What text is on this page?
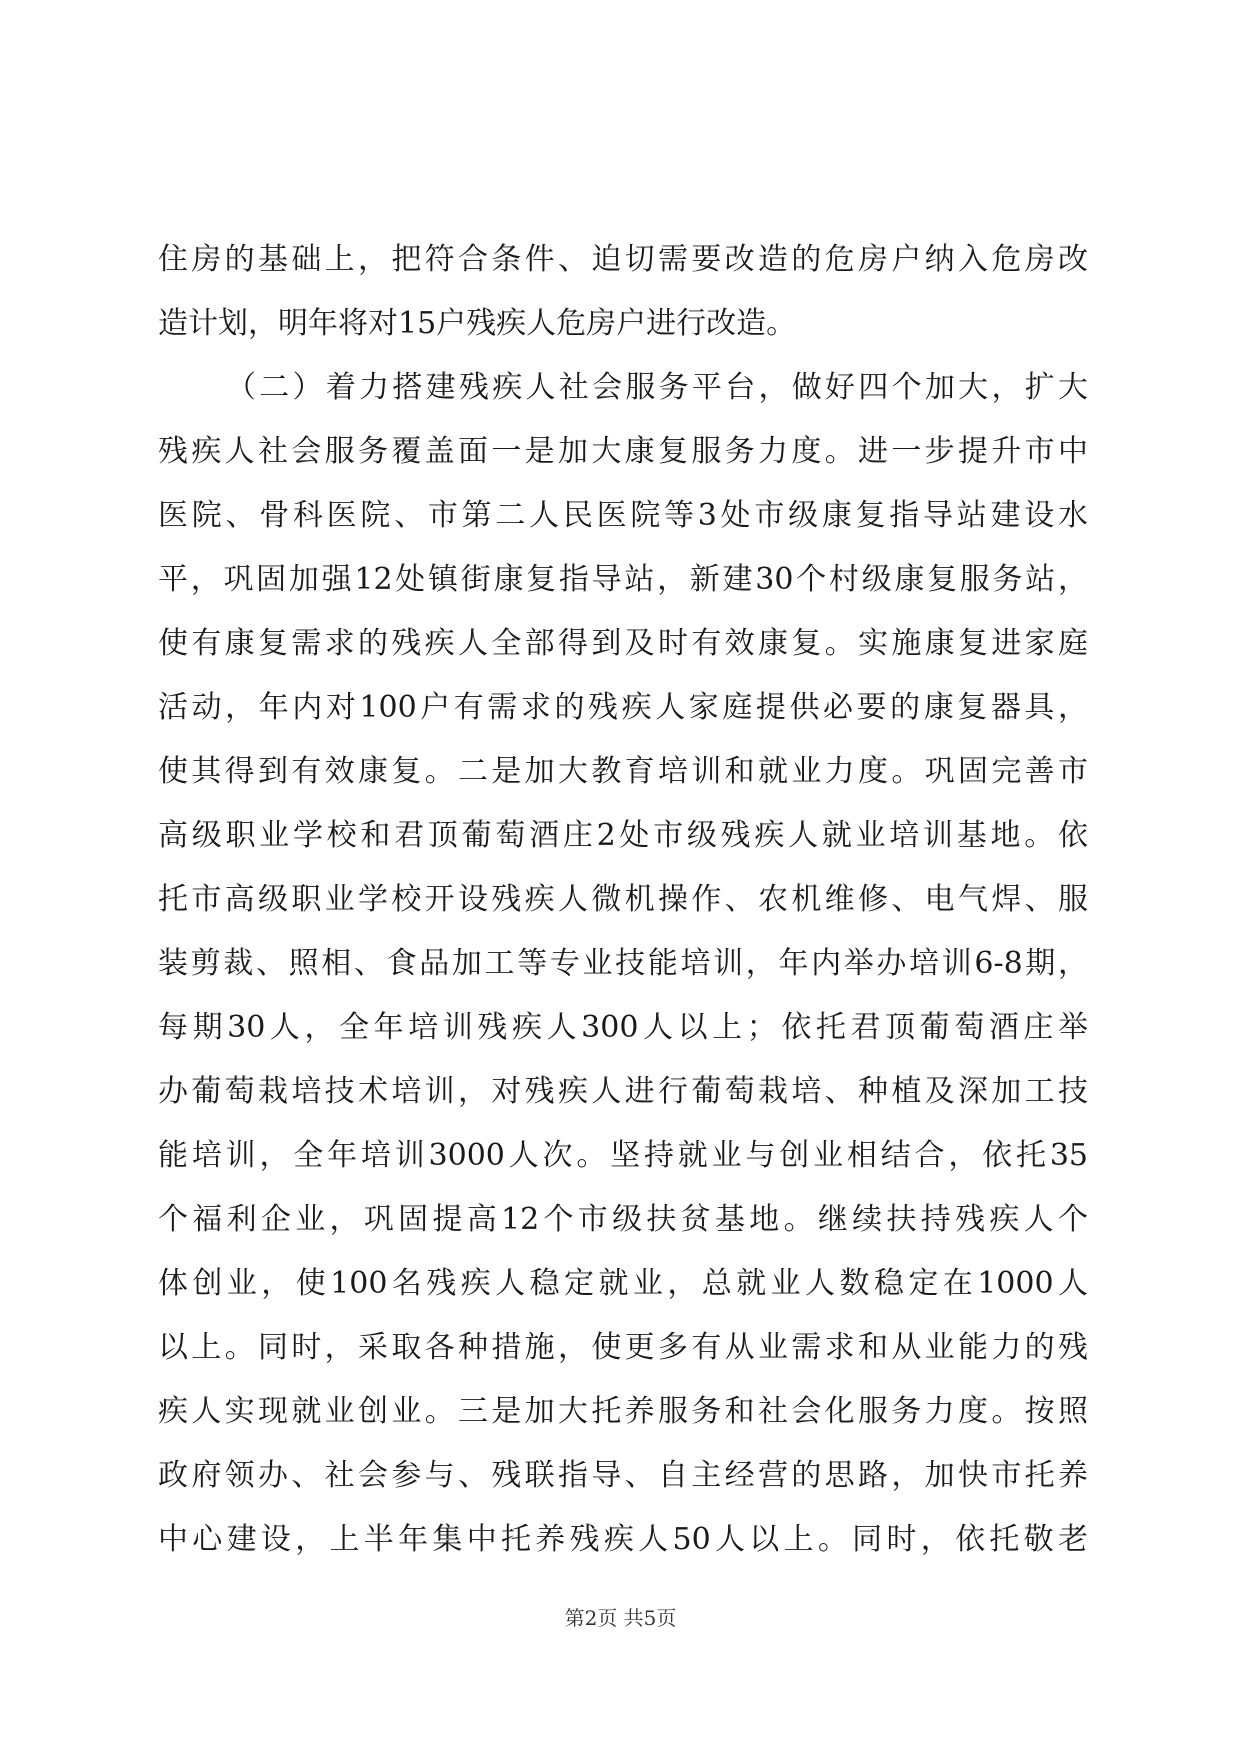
住房的基础上，把符合条件、迫切需要改造的危房户纳入危房改
造计划，明年将对15户残疾人危房户进行改造。
（二）着力搭建残疾人社会服务平台，做好四个加大，扩大
残疾人社会服务覆盖面一是加大康复服务力度。进一步提升市中
医院、骨科医院、市第二人民医院等3处市级康复指导站建设水
平，巩固加强12处镇街康复指导站，新建30个村级康复服务站，
使有康复需求的残疾人全部得到及时有效康复。实施康复进家庭
活动，年内对100户有需求的残疾人家庭提供必要的康复器具，
使其得到有效康复。二是加大教育培训和就业力度。巩固完善市
高级职业学校和君顶葡萄酒庄2处市级残疾人就业培训基地。依
托市高级职业学校开设残疾人微机操作、农机维修、电气焊、服
装剪裁、照相、食品加工等专业技能培训，年内举办培训6-8期，
每期30人，全年培训残疾人300人以上；依托君顶葡萄酒庄举
办葡萄栽培技术培训，对残疾人进行葡萄栽培、种植及深加工技
能培训，全年培训3000人次。坚持就业与创业相结合，依托35
个福利企业，巩固提高12个市级扶贫基地。继续扶持残疾人个
体创业，使100名残疾人稳定就业，总就业人数稳定在1000人
以上。同时，采取各种措施，使更多有从业需求和从业能力的残
疾人实现就业创业。三是加大托养服务和社会化服务力度。按照
政府领办、社会参与、残联指导、自主经营的思路，加快市托养
中心建设，上半年集中托养残疾人50人以上。同时，依托敬老
第2页 共5页
